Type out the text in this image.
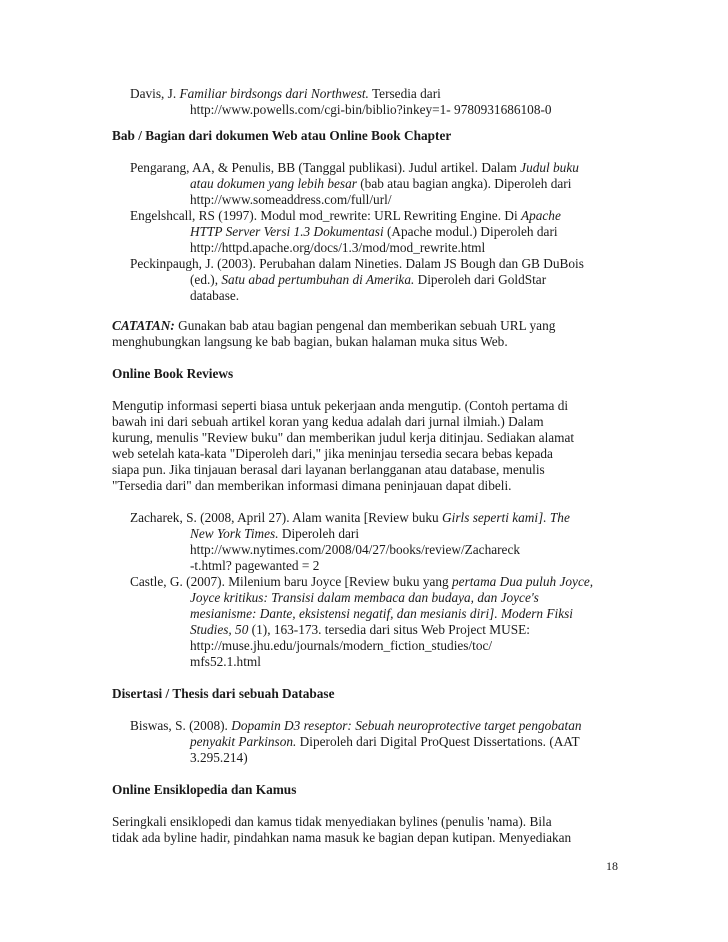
Davis, J. Familiar birdsongs dari Northwest. Tersedia dari
http://www.powells.com/cgi-bin/biblio?inkey=1- 9780931686108-0
Bab / Bagian dari dokumen Web atau Online Book Chapter
Pengarang, AA, & Penulis, BB (Tanggal publikasi). Judul artikel. Dalam Judul buku
atau dokumen yang lebih besar (bab atau bagian angka). Diperoleh dari
http://www.someaddress.com/full/url/
Engelshcall, RS (1997). Modul mod_rewrite: URL Rewriting Engine. Di Apache
HTTP Server Versi 1.3 Dokumentasi (Apache modul.) Diperoleh dari
http://httpd.apache.org/docs/1.3/mod/mod_rewrite.html
Peckinpaugh, J. (2003). Perubahan dalam Nineties. Dalam JS Bough dan GB DuBois
(ed.), Satu abad pertumbuhan di Amerika. Diperoleh dari GoldStar
database.
CATATAN: Gunakan bab atau bagian pengenal dan memberikan sebuah URL yang
menghubungkan langsung ke bab bagian, bukan halaman muka situs Web.
Online Book Reviews
Mengutip informasi seperti biasa untuk pekerjaan anda mengutip. (Contoh pertama di
bawah ini dari sebuah artikel koran yang kedua adalah dari jurnal ilmiah.) Dalam
kurung, menulis "Review buku" dan memberikan judul kerja ditinjau. Sediakan alamat
web setelah kata-kata "Diperoleh dari," jika meninjau tersedia secara bebas kepada
siapa pun. Jika tinjauan berasal dari layanan berlangganan atau database, menulis
"Tersedia dari" dan memberikan informasi dimana peninjauan dapat dibeli.
Zacharek, S. (2008, April 27). Alam wanita [Review buku Girls seperti kami]. The
New York Times. Diperoleh dari
http://www.nytimes.com/2008/04/27/books/review/Zachareck
-t.html? pagewanted = 2
Castle, G. (2007). Milenium baru Joyce [Review buku yang pertama Dua puluh Joyce,
Joyce kritikus: Transisi dalam membaca dan budaya, dan Joyce's
mesianisme: Dante, eksistensi negatif, dan mesianis diri]. Modern Fiksi
Studies, 50 (1), 163-173. tersedia dari situs Web Project MUSE:
http://muse.jhu.edu/journals/modern_fiction_studies/toc/
mfs52.1.html
Disertasi / Thesis dari sebuah Database
Biswas, S. (2008). Dopamin D3 reseptor: Sebuah neuroprotective target pengobatan
penyakit Parkinson. Diperoleh dari Digital ProQuest Dissertations. (AAT
3.295.214)
Online Ensiklopedia dan Kamus
Seringkali ensiklopedi dan kamus tidak menyediakan bylines (penulis 'nama). Bila
tidak ada byline hadir, pindahkan nama masuk ke bagian depan kutipan. Menyediakan
18
